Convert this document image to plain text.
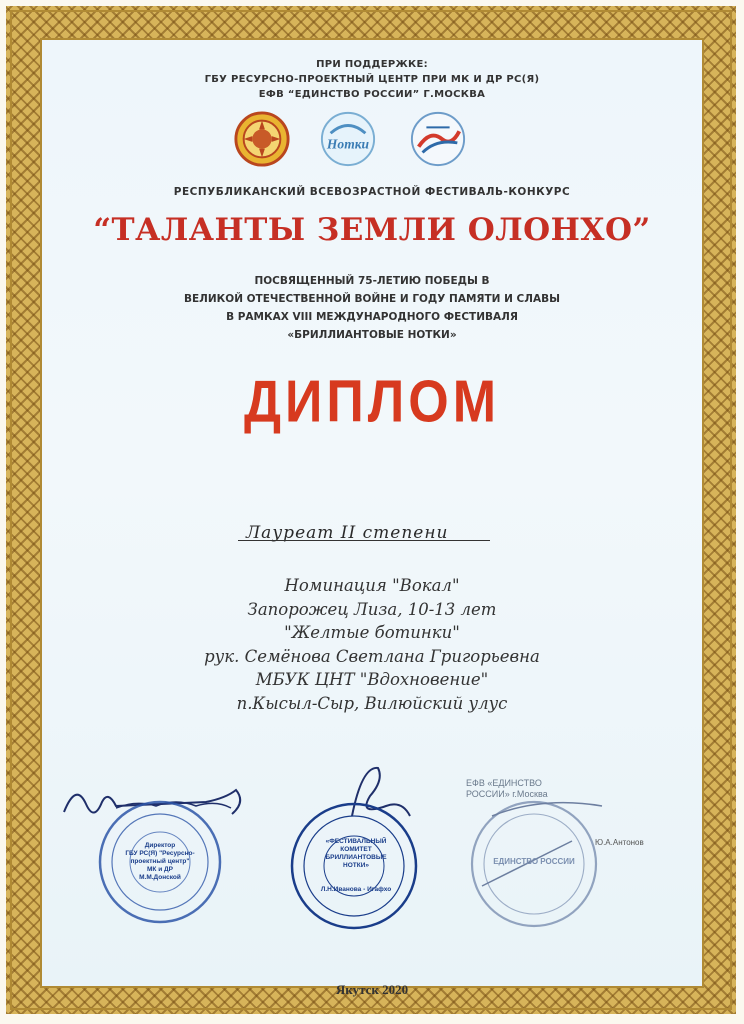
ПРИ ПОДДЕРЖКЕ:
ГБУ РЕСУРСНО-ПРОЕКТНЫЙ ЦЕНТР ПРИ МК И ДР РС(Я)
ЕФВ “ЕДИНСТВО РОССИИ” Г.МОСКВА
Нотки
РЕСПУБЛИКАНСКИЙ ВСЕВОЗРАСТНОЙ ФЕСТИВАЛЬ-КОНКУРС
“ТАЛАНТЫ ЗЕМЛИ ОЛОНХО”
ПОСВЯЩЕННЫЙ 75-ЛЕТИЮ ПОБЕДЫ В
ВЕЛИКОЙ ОТЕЧЕСТВЕННОЙ ВОЙНЕ И ГОДУ ПАМЯТИ И СЛАВЫ
В РАМКАХ VIII МЕЖДУНАРОДНОГО ФЕСТИВАЛЯ
«БРИЛЛИАНТОВЫЕ НОТКИ»
ДИПЛОМ
Лауреат II степени
Номинация "Вокал"
Запорожец Лиза, 10-13 лет
"Желтые ботинки"
рук. Семёнова Светлана Григорьевна
МБУК ЦНТ "Вдохновение"
п.Кысыл-Сыр, Вилюйский улус
Директор
ГБУ РС(Я) "Ресурсно-проектный центр"
МК и ДР
М.М.Донской
«ФЕСТИВАЛЬНЫЙ КОМИТЕТ БРИЛЛИАНТОВЫЕ НОТКИ»
Л.Н.Иванова - Игафхо
ЕФВ «ЕДИНСТВО
РОССИИ» г.Москва
ЕДИНСТВО РОССИИ
Ю.А.Антонов
Якутск 2020
